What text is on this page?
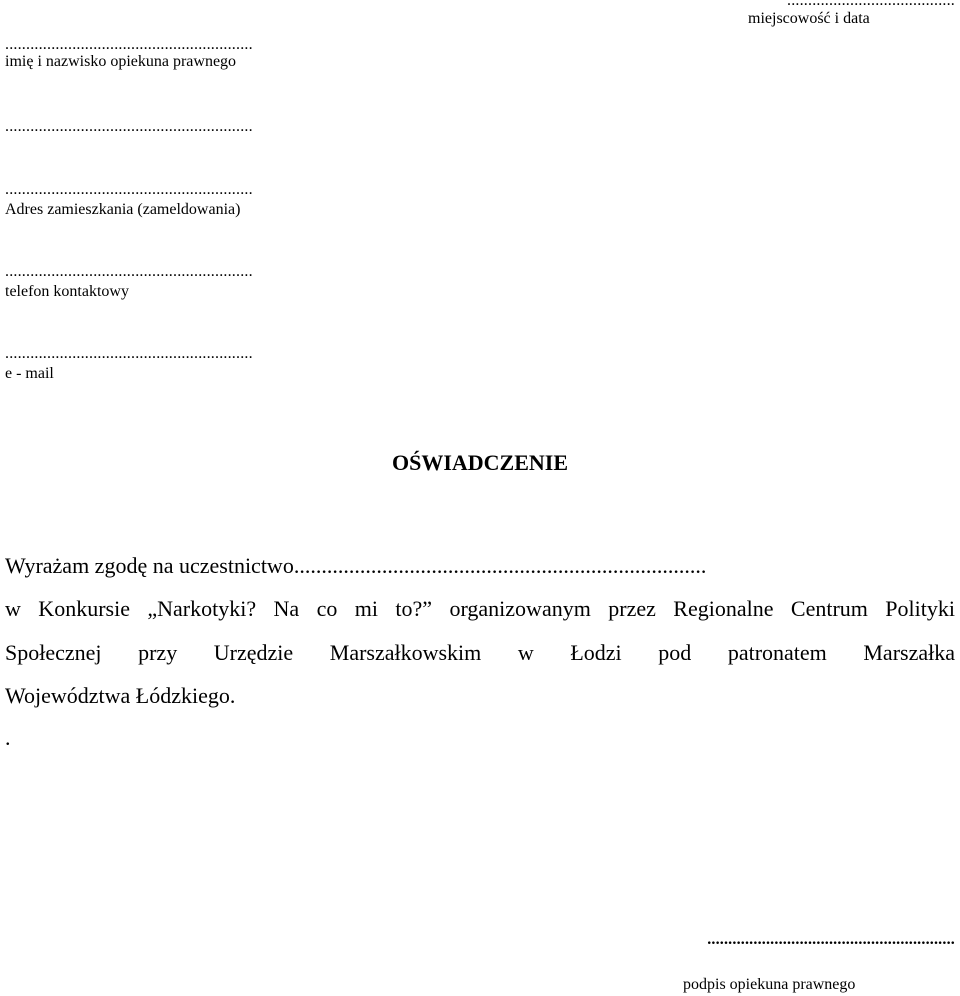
........................................
miejscowość i data
...........................................................
imię i nazwisko opiekuna prawnego
...........................................................
...........................................................
Adres zamieszkania (zameldowania)
...........................................................
telefon kontaktowy
...........................................................
e - mail
OŚWIADCZENIE
Wyrażam zgodę na uczestnictwo...........................................................................
w Konkursie „Narkotyki? Na co mi to?” organizowanym przez Regionalne Centrum Polityki
Społecznej przy Urzędzie Marszałkowskim w Łodzi pod patronatem Marszałka
Województwa Łódzkiego.
.
...........................................................
podpis opiekuna prawnego
